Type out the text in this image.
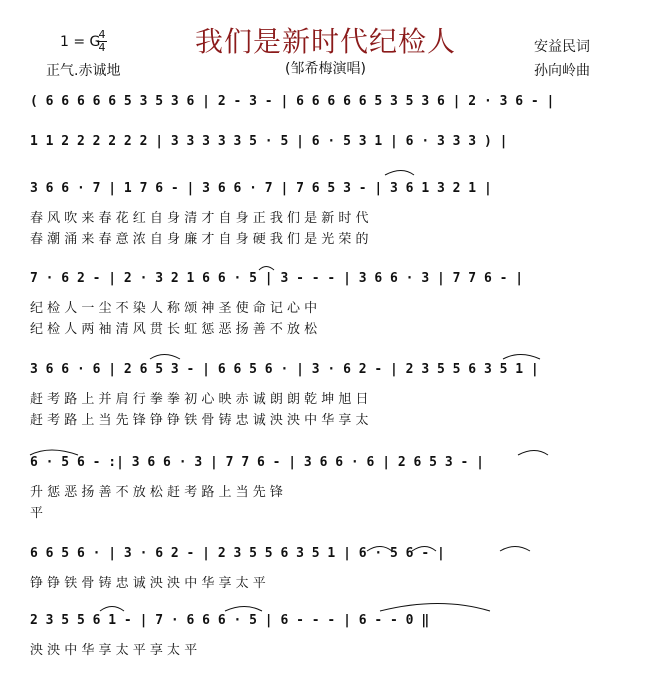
我们是新时代纪检人
1 = G
4
4
正气.赤诚地	(邹希梅演唱)
安益民词
孙向岭曲
( 6 6 6 6 6 5 3 5 3 6 | 2 - 3 - | 6 6 6 6 6 5 3 5 3 6 | 2 · 3 6 - |
1 1 2 2 2 2 2 2 | 3 3 3 3 3 5 · 5 | 6 · 5 3 1 | 6 · 3 3 3 ) |
3 6 6 · 7 | 1 7 6 - | 3 6 6 · 7 | 7 6 5 3 - | 3 6 1 3 2 1 |
春 风 吹 来 春 花 红 自 身 清 才 自 身 正 我 们 是 新 时 代
春 潮 涌 来 春 意 浓 自 身 廉 才 自 身 硬 我 们 是 光 荣 的
7 · 6 2 - | 2 · 3 2 1 6 6 · 5 | 3 - - - | 3 6 6 · 3 | 7 7 6 - |
纪 检 人 一 尘 不 染 人 称 颂 神 圣 使 命 记 心 中
纪 检 人 两 袖 清 风 贯 长 虹 惩 恶 扬 善 不 放 松
3 6 6 · 6 | 2 6 5 3 - | 6 6 5 6 · | 3 · 6 2 - | 2 3 5 5 6 3 5 1 |
赶 考 路 上 并 肩 行 拳 拳 初 心 映 赤 诚 朗 朗 乾 坤 旭 日
赶 考 路 上 当 先 锋 铮 铮 铁 骨 铸 忠 诚 泱 泱 中 华 享 太
6 · 5 6 - :| 3 6 6 · 3 | 7 7 6 - | 3 6 6 · 6 | 2 6 5 3 - |
升 惩 恶 扬 善 不 放 松 赶 考 路 上 当 先 锋
平
6 6 5 6 · | 3 · 6 2 - | 2 3 5 5 6 3 5 1 | 6 · 5 6 - |
铮 铮 铁 骨 铸 忠 诚 泱 泱 中 华 享 太 平
2 3 5 5 6 1 - | 7 · 6 6 6 · 5 | 6 - - - | 6 - - 0 ‖
泱 泱 中 华 享 太 平 享 太 平
